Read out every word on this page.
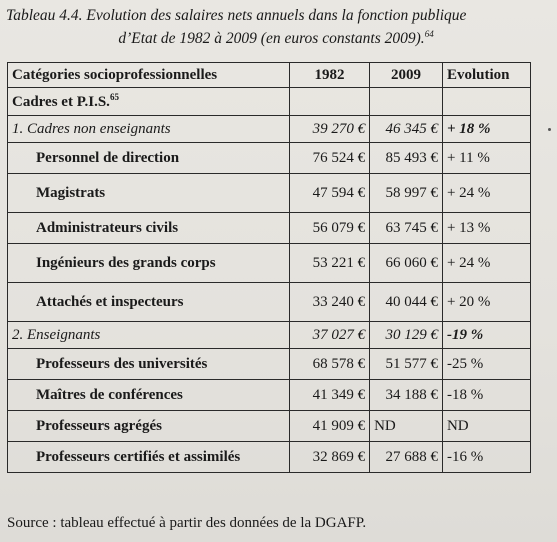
Tableau 4.4. Evolution des salaires nets annuels dans la fonction publique
d’Etat de 1982 à 2009 (en euros constants 2009).$^{64}$
Catégories socioprofessionnelles	1982	2009	Evolution
Cadres et P.I.S.$^{65}$			
1. Cadres non enseignants	39 270 €	46 345 €	+ 18 %
Personnel de direction	76 524 €	85 493 €	+ 11 %
Magistrats	47 594 €	58 997 €	+ 24 %
Administrateurs civils	56 079 €	63 745 €	+ 13 %
Ingénieurs des grands corps	53 221 €	66 060 €	+ 24 %
Attachés et inspecteurs	33 240 €	40 044 €	+ 20 %
2. Enseignants	37 027 €	30 129 €	-19 %
Professeurs des universités	68 578 €	51 577 €	-25 %
Maîtres de conférences	41 349 €	34 188 €	-18 %
Professeurs agrégés	41 909 €	ND	ND
Professeurs certifiés et assimilés	32 869 €	27 688 €	-16 %
Source : tableau effectué à partir des données de la DGAFP.
